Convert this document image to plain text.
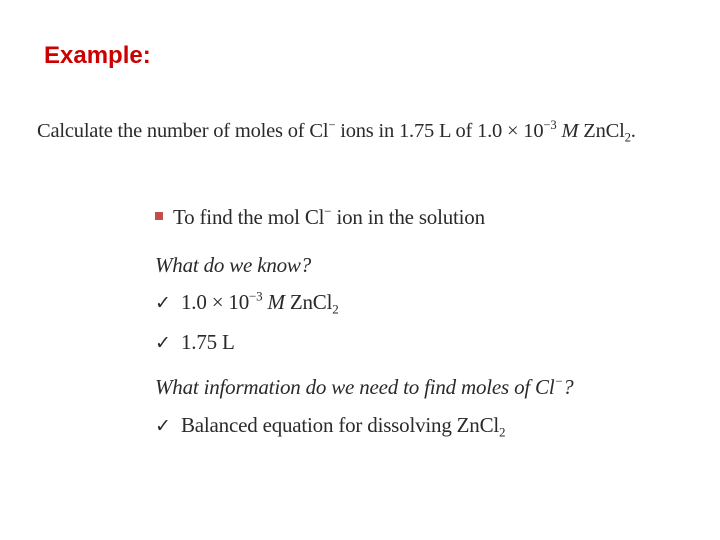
Example:
Calculate the number of moles of Cl− ions in 1.75 L of $1.0 \times 10^{-3}$ M ZnCl$_2$.
To find the mol Cl− ion in the solution
What do we know?
✓ $1.0 \times 10^{-3}$ M ZnCl$_2$
✓ 1.75 L
What information do we need to find moles of Cl−?
✓ Balanced equation for dissolving ZnCl$_2$
